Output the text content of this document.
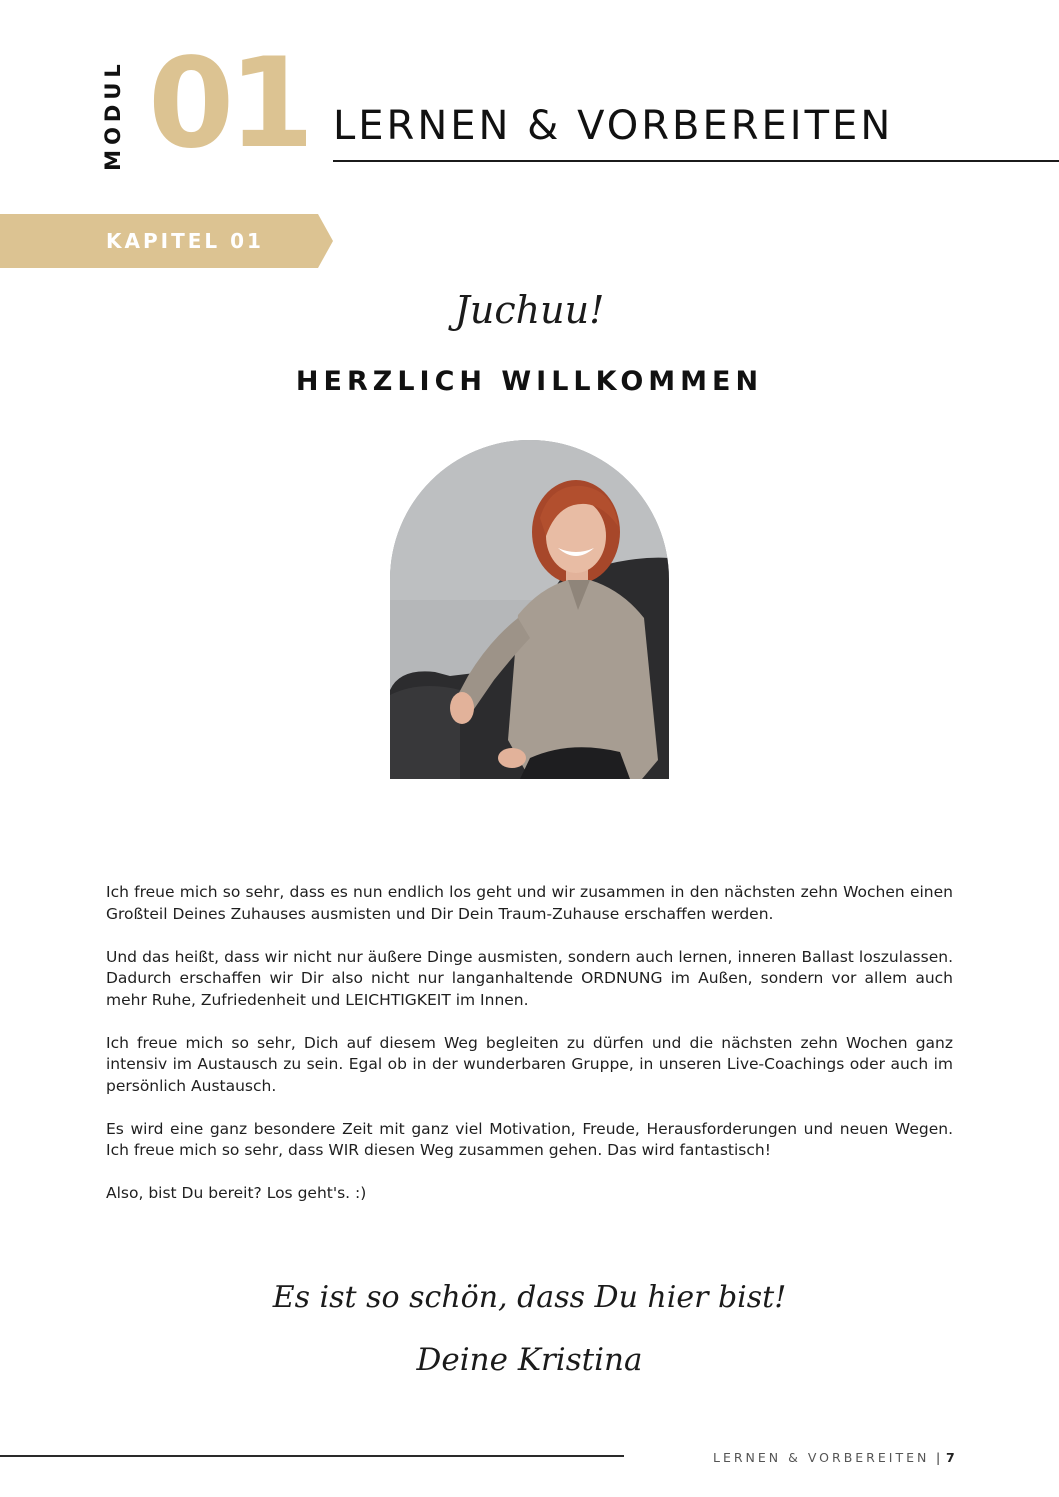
MODUL 01 LERNEN & VORBEREITEN
KAPITEL 01
Juchuu!
HERZLICH WILLKOMMEN

Ich freue mich so sehr, dass es nun endlich los geht und wir zusammen in den nächsten zehn Wochen einen Großteil Deines Zuhauses ausmisten und Dir Dein Traum-Zuhause erschaffen werden.

Und das heißt, dass wir nicht nur äußere Dinge ausmisten, sondern auch lernen, inneren Ballast loszulassen. Dadurch erschaffen wir Dir also nicht nur langanhaltende ORDNUNG im Außen, sondern vor allem auch mehr Ruhe, Zufriedenheit und LEICHTIGKEIT im Innen.

Ich freue mich so sehr, Dich auf diesem Weg begleiten zu dürfen und die nächsten zehn Wochen ganz intensiv im Austausch zu sein. Egal ob in der wunderbaren Gruppe, in unseren Live-Coachings oder auch im persönlich Austausch.

Es wird eine ganz besondere Zeit mit ganz viel Motivation, Freude, Herausforderungen und neuen Wegen. Ich freue mich so sehr, dass WIR diesen Weg zusammen gehen. Das wird fantastisch!

Also, bist Du bereit? Los geht's. :)

Es ist so schön, dass Du hier bist!
Deine Kristina
LERNEN & VORBEREITEN | 7
